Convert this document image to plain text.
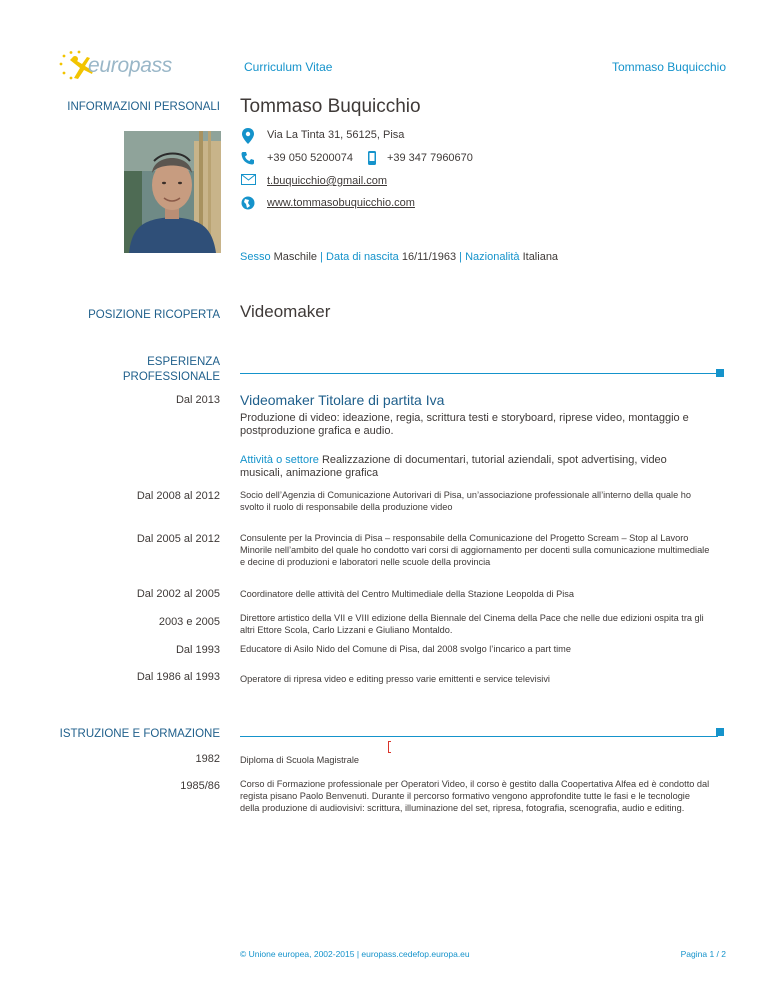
europass	Curriculum Vitae	Tommaso Buquicchio
INFORMAZIONI PERSONALI Tommaso Buquicchio
Via La Tinta 31, 56125, Pisa
+39 050 5200074	+39 347 7960670
t.buquicchio@gmail.com
www.tommasobuquicchio.com
Sesso Maschile | Data di nascita 16/11/1963 | Nazionalità Italiana
POSIZIONE RICOPERTA Videomaker
ESPERIENZA PROFESSIONALE
Dal 2013 Videomaker Titolare di partita Iva
Produzione di video: ideazione, regia, scrittura testi e storyboard, riprese video, montaggio e postproduzione grafica e audio.
Attività o settore Realizzazione di documentari, tutorial aziendali, spot advertising, video musicali, animazione grafica
Dal 2008 al 2012 Socio dell’Agenzia di Comunicazione Autorivari di Pisa, un’associazione professionale all’interno della quale ho svolto il ruolo di responsabile della produzione video
Dal 2005 al 2012 Consulente per la Provincia di Pisa – responsabile della Comunicazione del Progetto Scream – Stop al Lavoro Minorile nell’ambito del quale ho condotto vari corsi di aggiornamento per docenti sulla comunicazione multimediale e decine di produzioni e laboratori nelle scuole della provincia
Dal 2002 al 2005 Coordinatore delle attività del Centro Multimediale della Stazione Leopolda di Pisa
2003 e 2005 Direttore artistico della VII e VIII edizione della Biennale del Cinema della Pace che nelle due edizioni ospita tra gli altri Ettore Scola, Carlo Lizzani e Giuliano Montaldo.
Dal 1993 Educatore di Asilo Nido del Comune di Pisa, dal 2008 svolgo l’incarico a part time
Dal 1986 al 1993 Operatore di ripresa video e editing presso varie emittenti e service televisivi
ISTRUZIONE E FORMAZIONE
1982 Diploma di Scuola Magistrale
1985/86 Corso di Formazione professionale per Operatori Video, il corso è gestito dalla Coopertativa Alfea ed è condotto dal regista pisano Paolo Benvenuti. Durante il percorso formativo vengono approfondite tutte le fasi e le tecnologie della produzione di audiovisivi: scrittura, illuminazione del set, ripresa, fotografia, scenografia, audio e editing.
© Unione europea, 2002-2015 | europass.cedefop.europa.eu	Pagina 1 / 2
